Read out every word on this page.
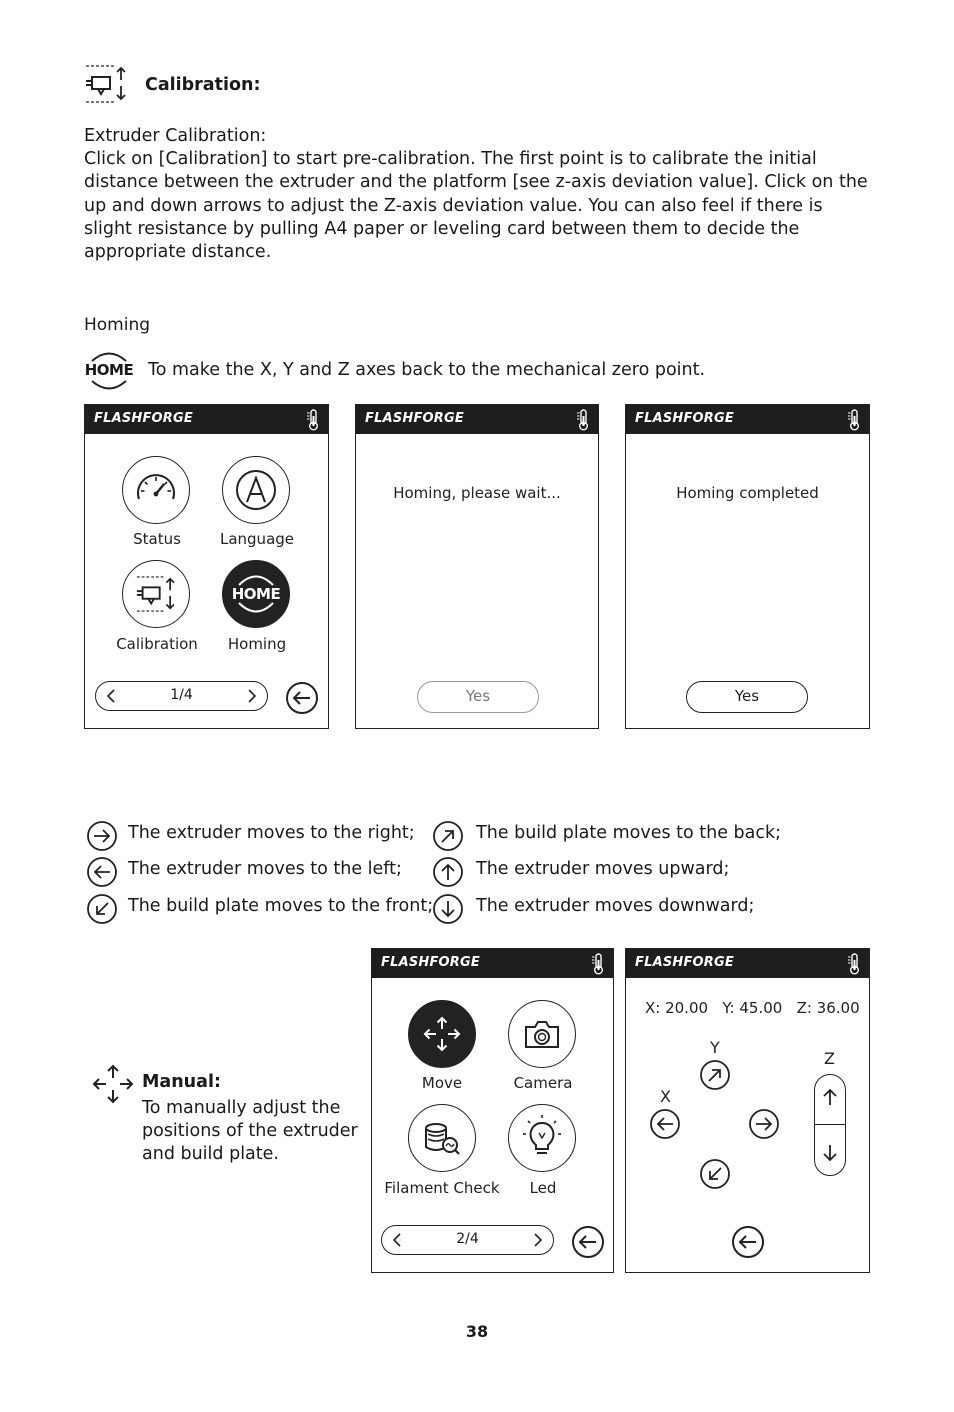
Calibration:
Extruder Calibration:
Click on [Calibration] to start pre-calibration. The first point is to calibrate the initial distance between the extruder and the platform [see z-axis deviation value]. Click on the up and down arrows to adjust the Z-axis deviation value. You can also feel if there is slight resistance by pulling A4 paper or leveling card between them to decide the appropriate distance.
Homing
HOME To make the X, Y and Z axes back to the mechanical zero point.
FLASHFORGE
Status	Language
Calibration
HOME
Homing
1/4
FLASHFORGE
Homing, please wait...
Yes
FLASHFORGE
Homing completed
Yes
The extruder moves to the right;	The build plate moves to the back;
The extruder moves to the left;	The extruder moves upward;
The build plate moves to the front; The extruder moves downward;
Manual:
To manually adjust the
positions of the extruder
and build plate.
FLASHFORGE
Move	Camera
Filament Check	Led
2/4
FLASHFORGE
X: 20.00   Y: 45.00   Z: 36.00
Y
X
Z
38
